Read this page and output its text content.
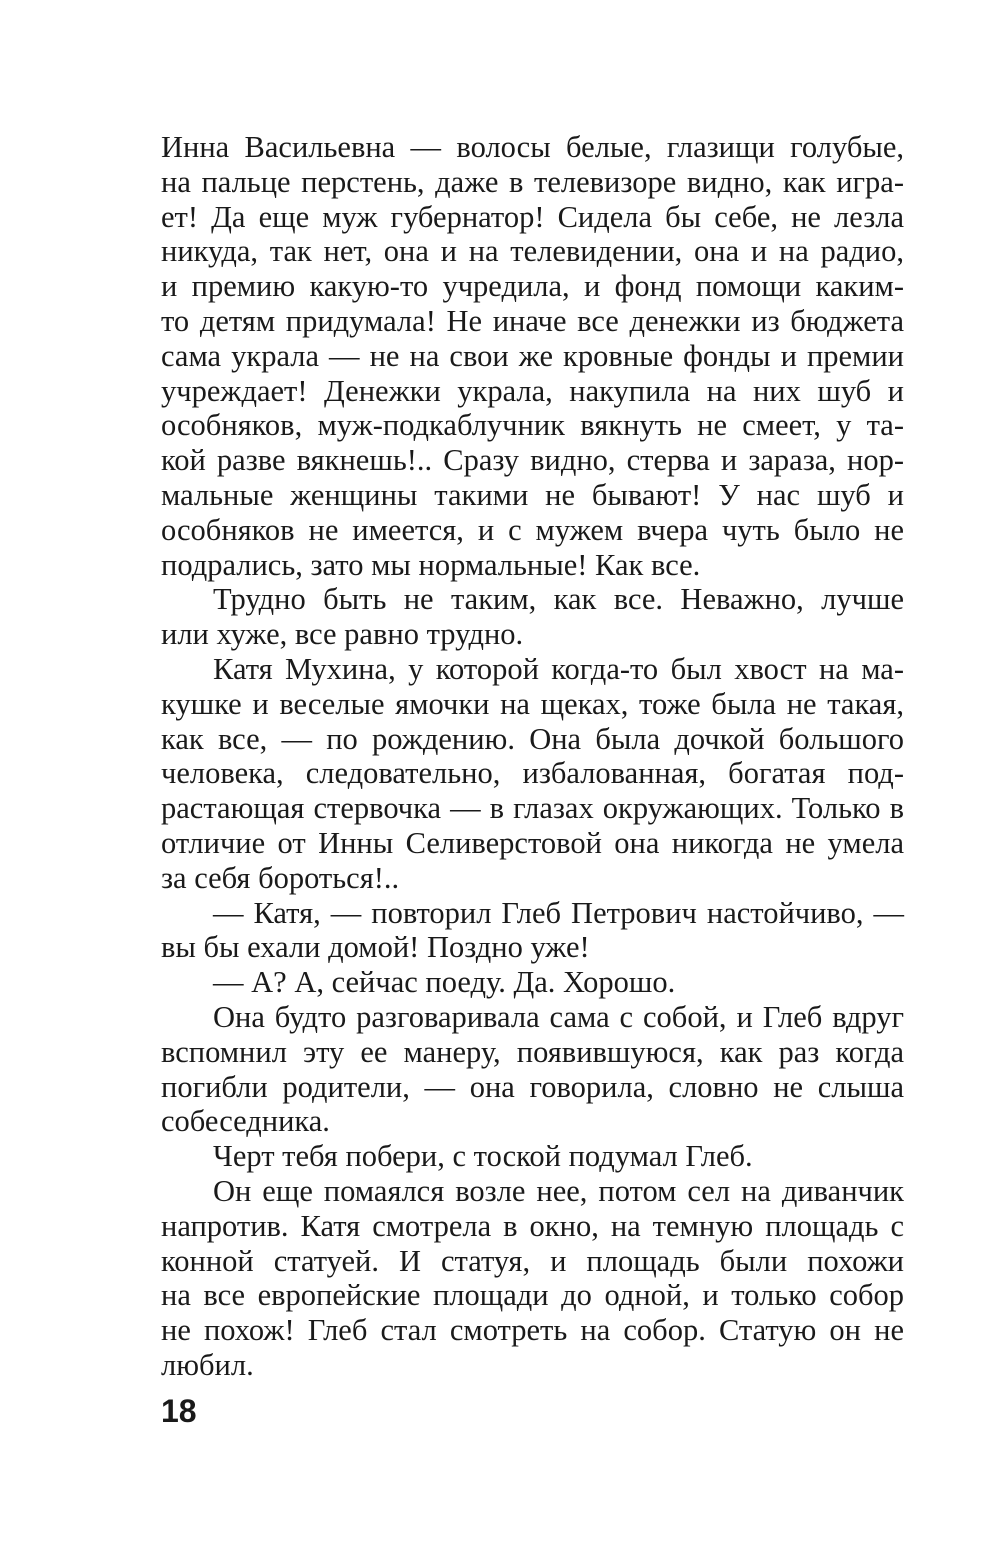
Инна Васильевна — волосы белые, глазищи голубые,
на пальце перстень, даже в телевизоре видно, как игра-
ет! Да еще муж губернатор! Сидела бы себе, не лезла
никуда, так нет, она и на телевидении, она и на радио,
и премию какую-то учредила, и фонд помощи каким-
то детям придумала! Не иначе все денежки из бюджета
сама украла — не на свои же кровные фонды и премии
учреждает! Денежки украла, накупила на них шуб и
особняков, муж-подкаблучник вякнуть не смеет, у та-
кой разве вякнешь!.. Сразу видно, стерва и зараза, нор-
мальные женщины такими не бывают! У нас шуб и
особняков не имеется, и с мужем вчера чуть было не
подрались, зато мы нормальные! Как все.
Трудно быть не таким, как все. Неважно, лучше
или хуже, все равно трудно.
Катя Мухина, у которой когда-то был хвост на ма-
кушке и веселые ямочки на щеках, тоже была не такая,
как все, — по рождению. Она была дочкой большого
человека, следовательно, избалованная, богатая под-
растающая стервочка — в глазах окружающих. Только в
отличие от Инны Селиверстовой она никогда не умела
за себя бороться!..
— Катя, — повторил Глеб Петрович настойчиво, —
вы бы ехали домой! Поздно уже!
— А? А, сейчас поеду. Да. Хорошо.
Она будто разговаривала сама с собой, и Глеб вдруг
вспомнил эту ее манеру, появившуюся, как раз когда
погибли родители, — она говорила, словно не слыша
собеседника.
Черт тебя побери, с тоской подумал Глеб.
Он еще помаялся возле нее, потом сел на диванчик
напротив. Катя смотрела в окно, на темную площадь с
конной статуей. И статуя, и площадь были похожи
на все европейские площади до одной, и только собор
не похож! Глеб стал смотреть на собор. Статую он не
любил.
18
